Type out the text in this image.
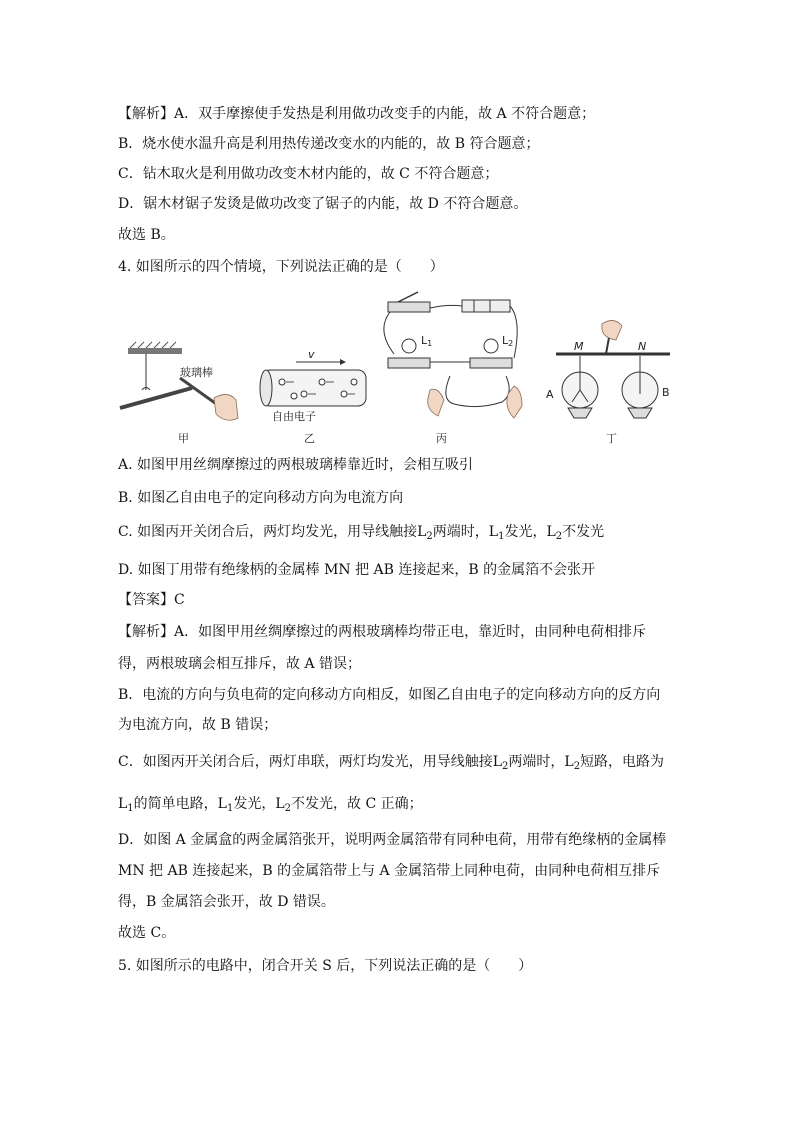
【解析】A．双手摩擦使手发热是利用做功改变手的内能，故 A 不符合题意；
B．烧水使水温升高是利用热传递改变水的内能的，故 B 符合题意；
C．钻木取火是利用做功改变木材内能的，故 C 不符合题意；
D．锯木材锯子发烫是做功改变了锯子的内能，故 D 不符合题意。
故选 B。
4. 如图所示的四个情境，下列说法正确的是（　　）
玻璃棒
甲
v
自由电子
乙
L1	L2
丙
M	N
A	B
丁
A. 如图甲用丝绸摩擦过的两根玻璃棒靠近时，会相互吸引
B. 如图乙自由电子的定向移动方向为电流方向
C. 如图丙开关闭合后，两灯均发光，用导线触接$L_2$两端时，$L_1$发光，$L_2$不发光
D. 如图丁用带有绝缘柄的金属棒 MN 把 AB 连接起来，B 的金属箔不会张开
【答案】C
【解析】A．如图甲用丝绸摩擦过的两根玻璃棒均带正电，靠近时，由同种电荷相排斥
得，两根玻璃会相互排斥，故 A 错误；
B．电流的方向与负电荷的定向移动方向相反，如图乙自由电子的定向移动方向的反方向
为电流方向，故 B 错误；
C．如图丙开关闭合后，两灯串联，两灯均发光，用导线触接$L_2$两端时，$L_2$短路，电路为
$L_1$的简单电路，$L_1$发光，$L_2$不发光，故 C 正确；
D．如图 A 金属盒的两金属箔张开，说明两金属箔带有同种电荷，用带有绝缘柄的金属棒
MN 把 AB 连接起来，B 的金属箔带上与 A 金属箔带上同种电荷，由同种电荷相互排斥
得，B 金属箔会张开，故 D 错误。
故选 C。
5. 如图所示的电路中，闭合开关 S 后，下列说法正确的是（　　）
